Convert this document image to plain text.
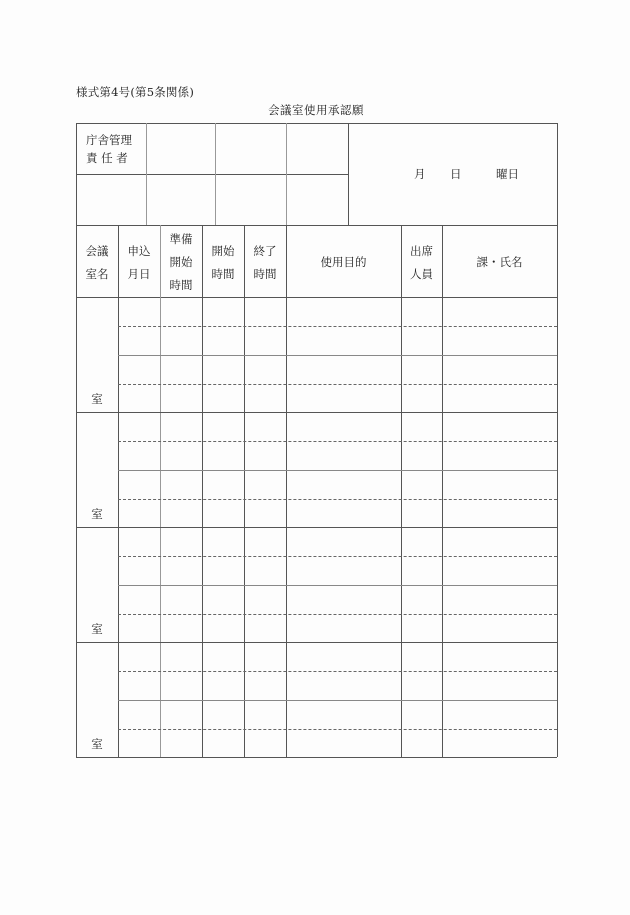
様式第4号(第5条関係)
会議室使用承認願
庁舎管理
責 任 者
月 日	曜日
会議
室名
申込
月日
準備
開始
時間
開始
時間
終了
時間
使用目的
出席
人員
課・氏名
室
室
室
室
